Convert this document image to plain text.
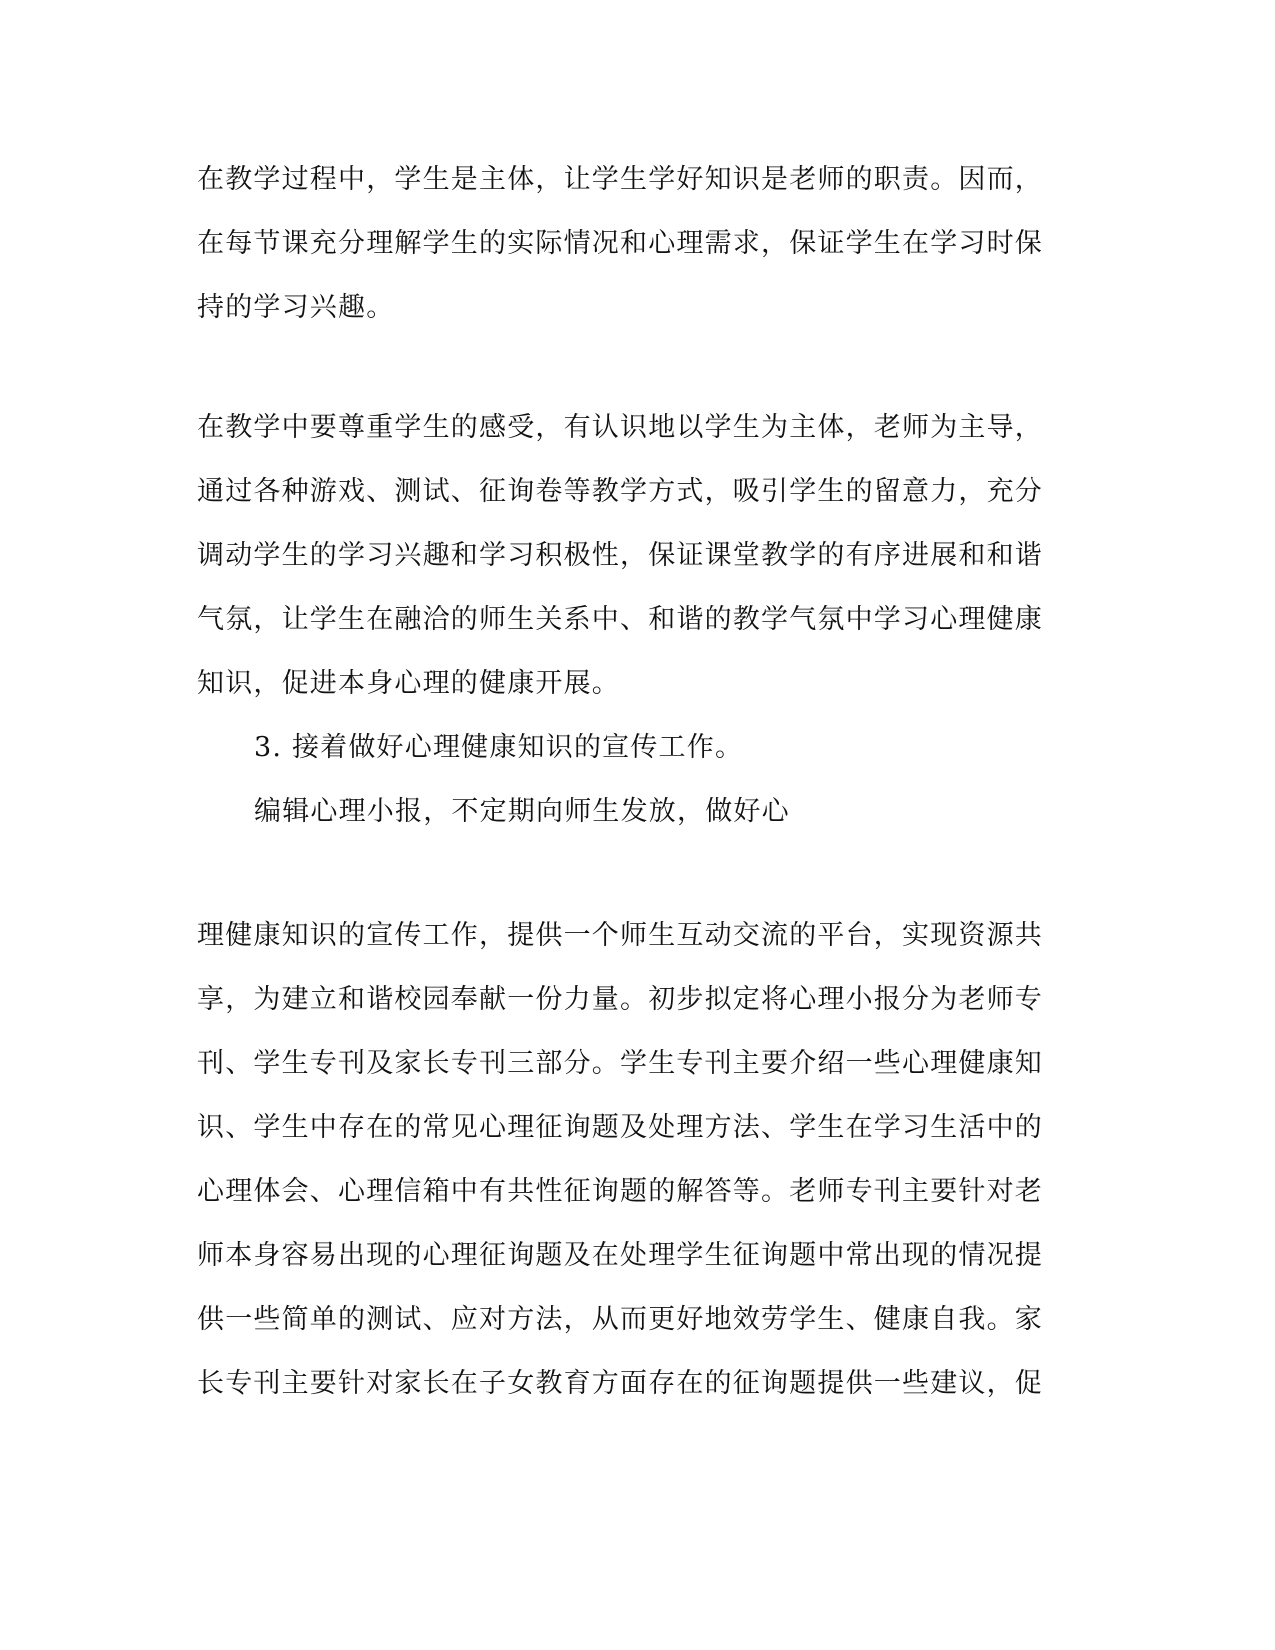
在教学过程中，学生是主体，让学生学好知识是老师的职责。因而，
在每节课充分理解学生的实际情况和心理需求，保证学生在学习时保
持的学习兴趣。
在教学中要尊重学生的感受，有认识地以学生为主体，老师为主导，
通过各种游戏、测试、征询卷等教学方式，吸引学生的留意力，充分
调动学生的学习兴趣和学习积极性，保证课堂教学的有序进展和和谐
气氛，让学生在融洽的师生关系中、和谐的教学气氛中学习心理健康
知识，促进本身心理的健康开展。
3. 接着做好心理健康知识的宣传工作。
编辑心理小报，不定期向师生发放，做好心
理健康知识的宣传工作，提供一个师生互动交流的平台，实现资源共
享，为建立和谐校园奉献一份力量。初步拟定将心理小报分为老师专
刊、学生专刊及家长专刊三部分。学生专刊主要介绍一些心理健康知
识、学生中存在的常见心理征询题及处理方法、学生在学习生活中的
心理体会、心理信箱中有共性征询题的解答等。老师专刊主要针对老
师本身容易出现的心理征询题及在处理学生征询题中常出现的情况提
供一些简单的测试、应对方法，从而更好地效劳学生、健康自我。家
长专刊主要针对家长在子女教育方面存在的征询题提供一些建议，促
